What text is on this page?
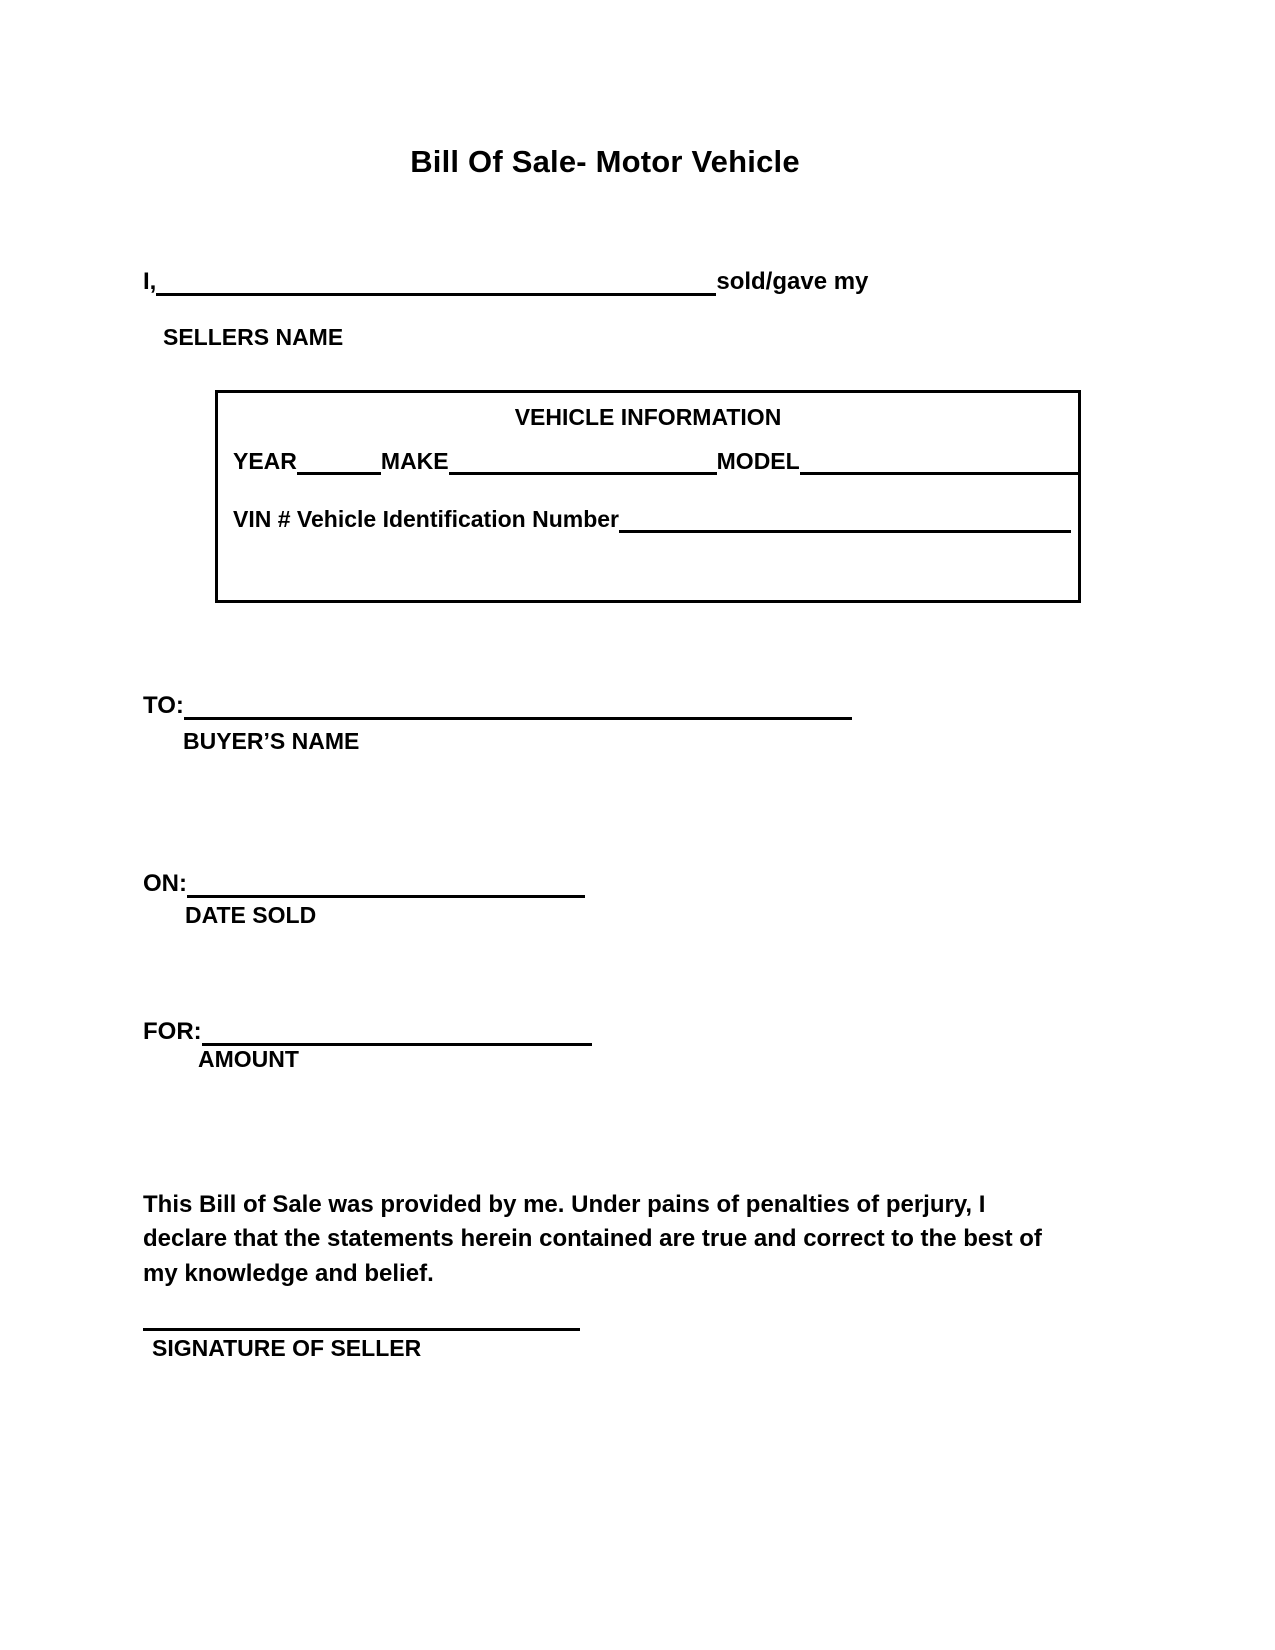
Bill Of Sale- Motor Vehicle
I,	sold/gave my
SELLERS NAME
VEHICLE INFORMATION
YEAR	MAKE	MODEL
VIN # Vehicle Identification Number
TO:
BUYER’S NAME
ON:
DATE SOLD
FOR:
AMOUNT
This Bill of Sale was provided by me. Under pains of penalties of perjury, I declare that the statements herein contained are true and correct to the best of my knowledge and belief.
SIGNATURE OF SELLER
